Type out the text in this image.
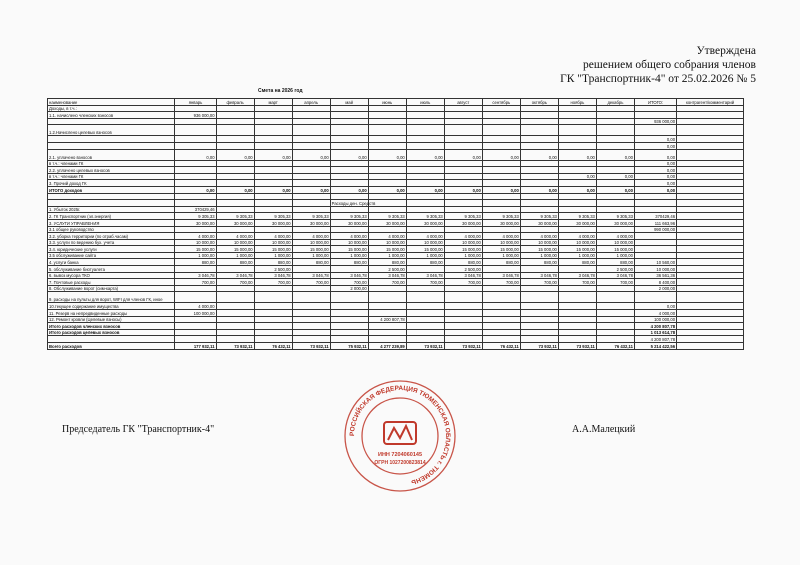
Утверждена
решением общего собрания членов
ГК "Транспортник-4" от 25.02.2026 № 5
Смета на 2026 год
наименование	январь	февраль	март	апрель	май	июнь	июль	август	сентябрь	октябрь	ноябрь	декабрь	ИТОГО:	контрагент/комментарий
Доходы, в т.ч.:														
1.1. начислено членских взносов	936 000,00													
													936 000,00	
1.2.Начислено целевых взносов														
													0,00	
													0,00	
2.1. уплачено взносов	0,00	0,00	0,00	0,00	0,00	0,00	0,00	0,00	0,00	0,00	0,00	0,00	0,00	
в т.ч.: членами ГК													0,00	
2.2. уплачено целевых взносов													0,00	
в т.ч.: членами ГК											0,00	0,00	0,00	
3. Прочий доход ГК													0,00	
ИТОГО доходов	0,00	0,00	0,00	0,00	0,00	0,00	0,00	0,00	0,00	0,00	0,00	0,00	0,00	

					Расходы ден. Средств									
1. Убыток 2025г.	370429,46													
2. ГК Транспортник (эл.энергия)	9 305,33	9 305,33	9 305,33	9 305,33	9 305,33	9 305,33	9 305,33	9 305,33	9 305,33	9 305,33	9 305,33	9 305,33	370429,46	
3. УСЛУГИ УПРАВЛЕНИЯ	30 000,00	30 000,00	30 000,00	30 000,00	30 000,00	30 000,00	30 000,00	30 000,00	30 000,00	30 000,00	30 000,00	30 000,00	111 663,96	
3.1 общее руководство													990 000,00	
3.2. уборка территории (по отраб.часам)	4 000,00	4 000,00	4 000,00	4 000,00	4 000,00	4 000,00	4 000,00	4 000,00	4 000,00	4 000,00	4 000,00	4 000,00		
3.3. услуги по ведению бух. учета	10 000,00	10 000,00	10 000,00	10 000,00	10 000,00	10 000,00	10 000,00	10 000,00	10 000,00	10 000,00	10 000,00	10 000,00		
3.4. юридические услуги	15 000,00	15 000,00	15 000,00	15 000,00	15 000,00	15 000,00	15 000,00	15 000,00	15 000,00	15 000,00	15 000,00	15 000,00		
3.5 обслуживание сайта	1 000,00	1 000,00	1 000,00	1 000,00	1 000,00	1 000,00	1 000,00	1 000,00	1 000,00	1 000,00	1 000,00	1 000,00		
4. услуги банка	880,00	880,00	880,00	880,00	880,00	880,00	880,00	880,00	880,00	880,00	880,00	880,00	10 560,00	
5. обслуживание биотуалета			2 500,00			2 500,00		2 500,00				2 500,00	10 000,00	
6. вывоз мусора ТКО	3 046,78	3 046,78	3 046,78	3 046,78	3 046,78	3 046,78	3 046,78	3 046,78	3 046,78	3 046,78	3 046,78	3 046,78	36 561,36	
7. Почтовые расходы	700,00	700,00	700,00	700,00	700,00	700,00	700,00	700,00	700,00	700,00	700,00	700,00	8 400,00	
8. Обслуживание ворот (сим-карта)					2 000,00								2 000,00	
9. расходы на пульты для ворот, WIFI для членов ГК, иное														
10.текущее содержание имущества	4 000,00												0,00	
11. Резерв на непредвиденные расходы	100 000,00												4 000,00	
12. Ремонт кровли (Целевые взносы)						4 200 807,78							100 000,00	
Итого расходов членских взносов													4 200 807,78	
Итого расходов целевых взносов													1 013 614,78	
													4 200 807,78	
Всего расходов	177 932,11	73 932,11	76 432,11	73 932,11	75 932,11	4 277 239,89	73 932,11	73 932,11	76 432,11	73 932,11	73 932,11	76 432,11	5 214 422,56	
Председатель ГК "Транспортник-4"	А.А.Малецкий
РОССИЙСКАЯ ФЕДЕРАЦИЯ ТЮМЕНСКАЯ ОБЛАСТЬ г. ТЮМЕНЬ
ИНН 7204060145
ОГРН 1027200823814
